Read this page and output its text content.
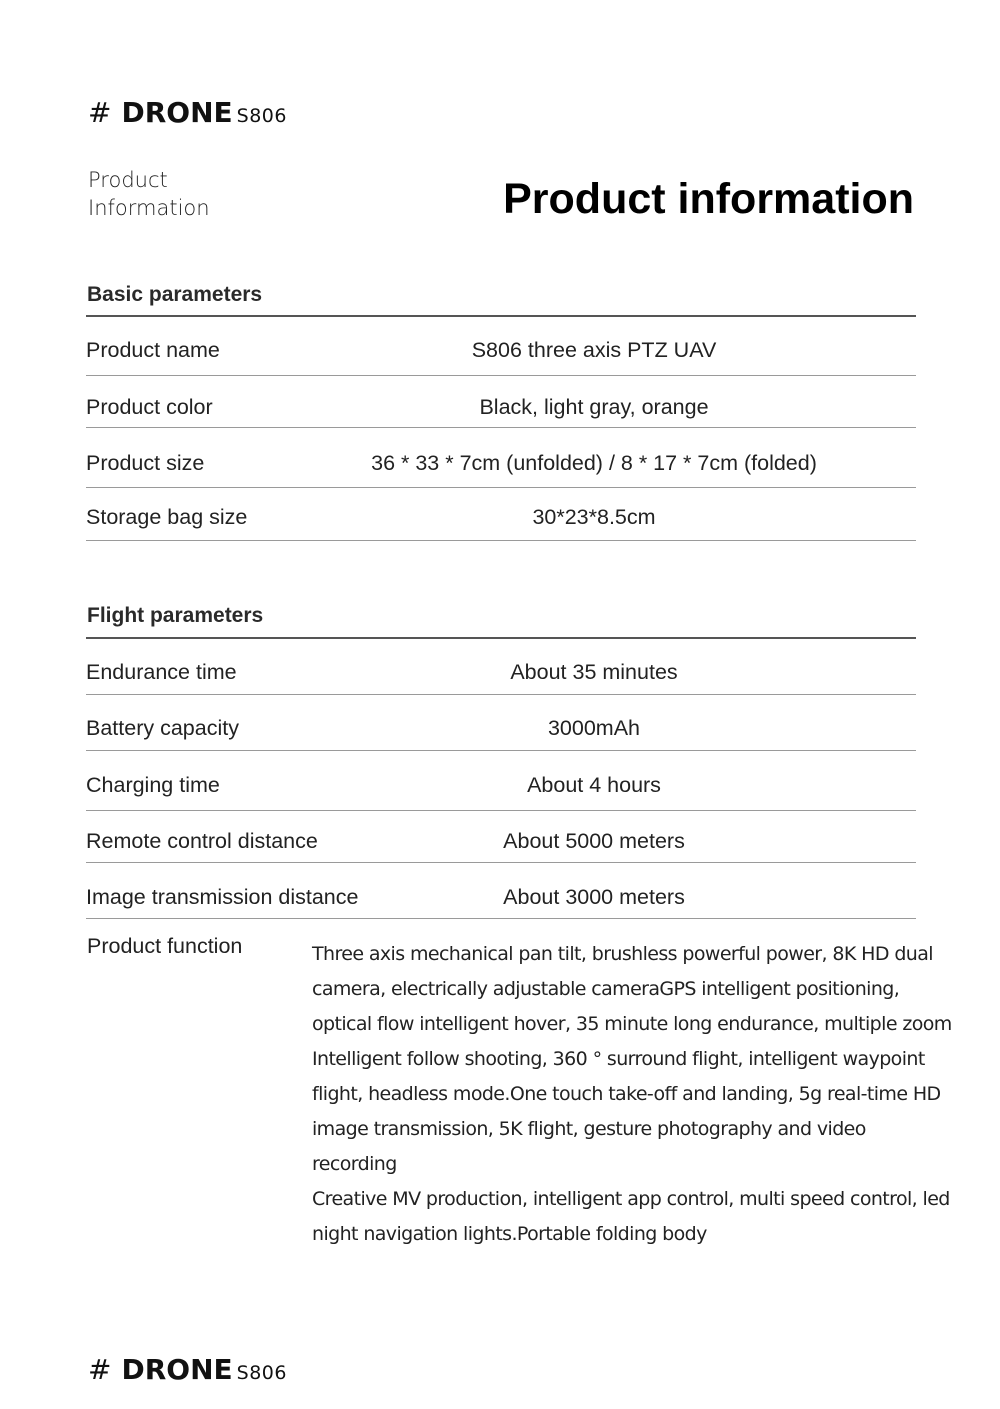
# DRONE S806
Product
Information	Product information
Basic parameters
Product name	S806 three axis PTZ UAV
Product color	Black, light gray, orange
Product size	36 * 33 * 7cm (unfolded) / 8 * 17 * 7cm (folded)
Storage bag size	30*23*8.5cm
Flight parameters
Endurance time	About 35 minutes
Battery capacity	3000mAh
Charging time	About 4 hours
Remote control distance	About 5000 meters
Image transmission distance	About 3000 meters
Product function	Three axis mechanical pan tilt, brushless powerful power, 8K HD dual camera, electrically adjustable cameraGPS intelligent positioning, optical flow intelligent hover, 35 minute long endurance, multiple zoom

Intelligent follow shooting, 360 ° surround flight, intelligent waypoint flight, headless mode.One touch take-off and landing, 5g real-time HD image transmission, 5K flight, gesture photography and video recording

Creative MV production, intelligent app control, multi speed control, led night navigation lights.Portable folding body

# DRONE S806
